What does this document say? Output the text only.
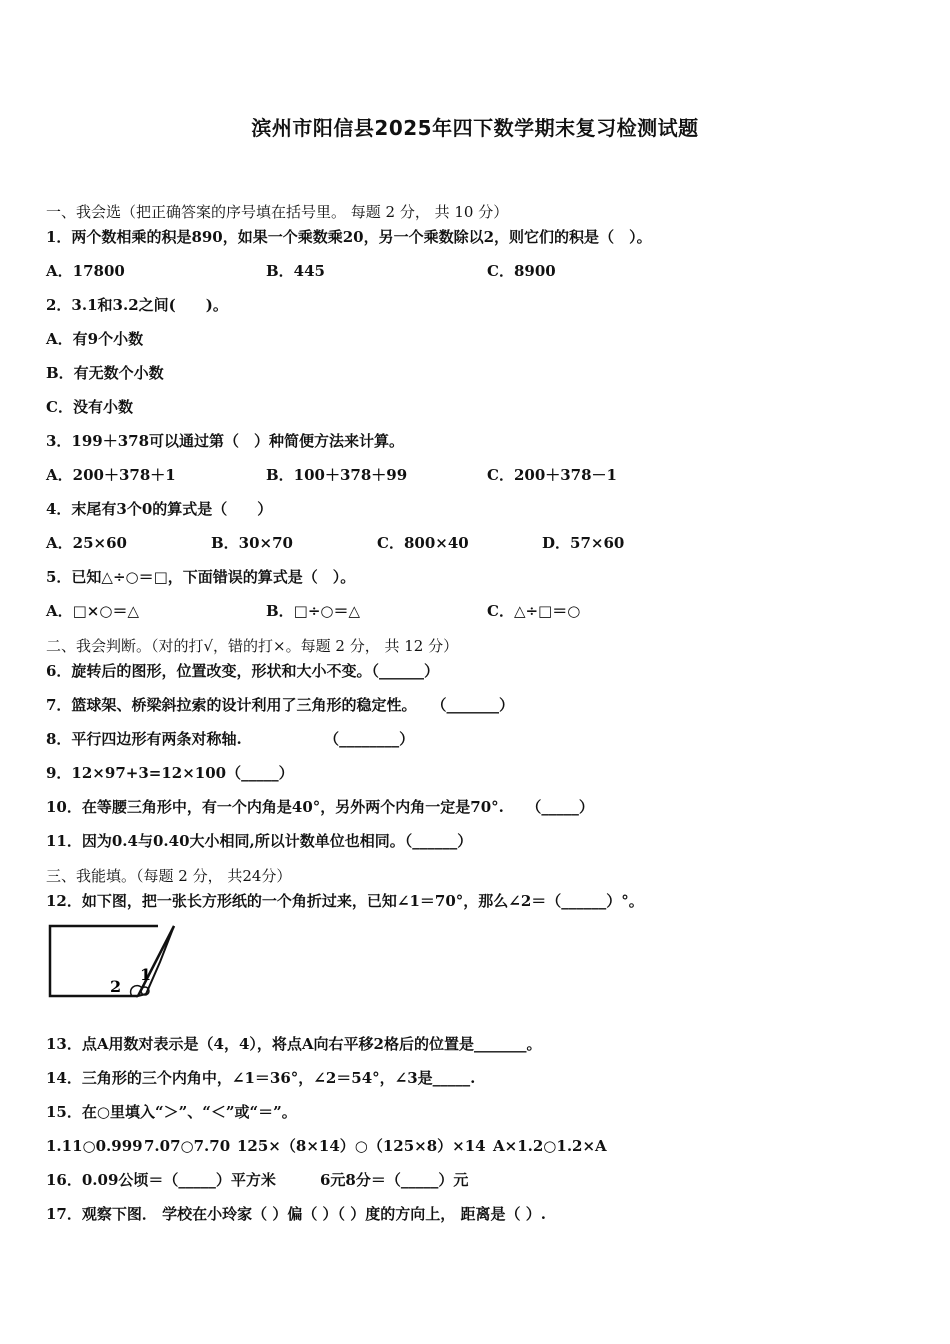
滨州市阳信县2025年四下数学期末复习检测试题
一、我会选（把正确答案的序号填在括号里。 每题 2 分， 共 10 分）
1．两个数相乘的积是890，如果一个乘数乘20，另一个乘数除以2，则它们的积是（　）。
A．17800	B．445	C．8900
2．3.1和3.2之间(　　)。
A．有9个小数
B．有无数个小数
C．没有小数
3．199＋378可以通过第（　）种简便方法来计算。
A．200＋378＋1	B．100＋378＋99	C．200＋378－1
4．末尾有3个0的算式是（　　）
A．25×60	B．30×70	C．800×40	D．57×60
5．已知△÷○＝□，下面错误的算式是（　）。
A．□×○＝△	B．□÷○＝△	C．△÷□＝○
二、我会判断。（对的打√，错的打×。每题 2 分， 共 12 分）
6．旋转后的图形，位置改变，形状和大小不变。（______）
7．篮球架、桥梁斜拉索的设计利用了三角形的稳定性。　　（_______）
8．平行四边形有两条对称轴.　　　　　　（________）
9．12×97+3=12×100（_____）
10．在等腰三角形中，有一个内角是40°，另外两个内角一定是70°.　　（_____）
11．因为0.4与0.40大小相同,所以计数单位也相同。（______）
三、我能填。（每题 2 分， 共24分）
12．如下图，把一张长方形纸的一个角折过来，已知∠1＝70°，那么∠2＝（______）°。
1
2
13．点A用数对表示是（4，4），将点A向右平移2格后的位置是_______。
14．三角形的三个内角中，∠1＝36°，∠2＝54°，∠3是_____.
15．在○里填入“＞”、“＜”或“＝”。
1.11○0.999 7.07○7.70 125×（8×14）○（125×8）×14 A×1.2○1.2×A
16．0.09公顷＝（_____）平方米	6元8分＝（_____）元
17．观察下图． 学校在小玲家（ ）偏（ ）（ ）度的方向上， 距离是（ ）.
